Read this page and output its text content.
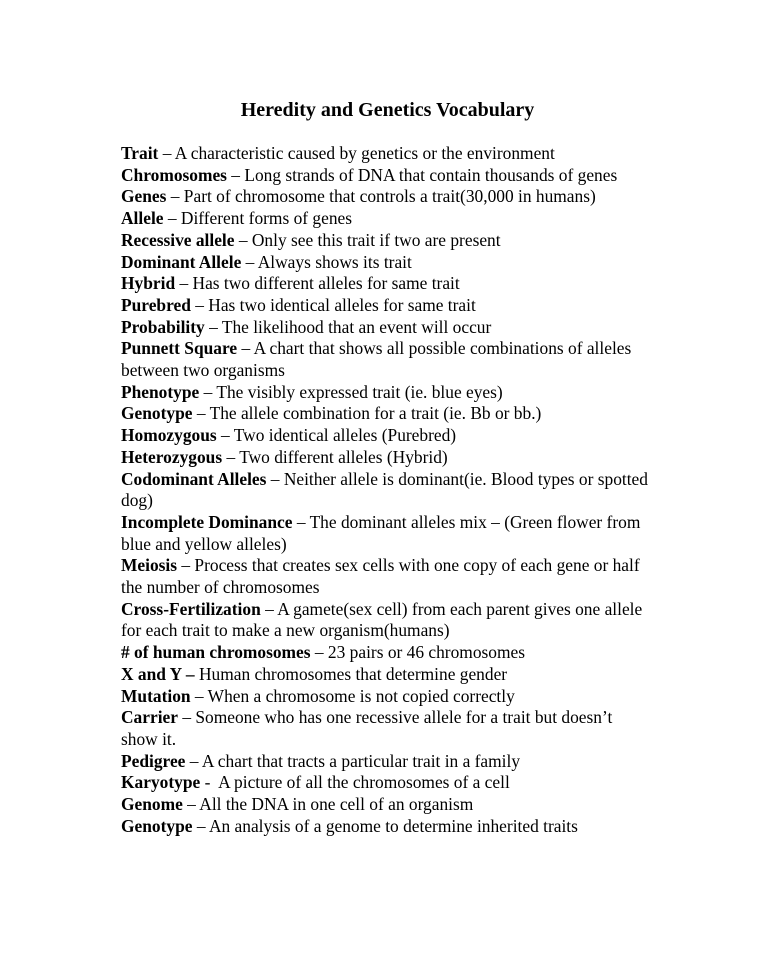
Heredity and Genetics Vocabulary
Trait – A characteristic caused by genetics or the environment
Chromosomes – Long strands of DNA that contain thousands of genes
Genes – Part of chromosome that controls a trait(30,000 in humans)
Allele – Different forms of genes
Recessive allele – Only see this trait if two are present
Dominant Allele – Always shows its trait
Hybrid – Has two different alleles for same trait
Purebred – Has two identical alleles for same trait
Probability – The likelihood that an event will occur
Punnett Square – A chart that shows all possible combinations of alleles between two organisms
Phenotype – The visibly expressed trait (ie. blue eyes)
Genotype – The allele combination for a trait (ie. Bb or bb.)
Homozygous – Two identical alleles (Purebred)
Heterozygous – Two different alleles (Hybrid)
Codominant Alleles – Neither allele is dominant(ie. Blood types or spotted dog)
Incomplete Dominance – The dominant alleles mix – (Green flower from blue and yellow alleles)
Meiosis – Process that creates sex cells with one copy of each gene or half the number of chromosomes
Cross-Fertilization – A gamete(sex cell) from each parent gives one allele for each trait to make a new organism(humans)
# of human chromosomes – 23 pairs or 46 chromosomes
X and Y – Human chromosomes that determine gender
Mutation – When a chromosome is not copied correctly
Carrier – Someone who has one recessive allele for a trait but doesn’t show it.
Pedigree – A chart that tracts a particular trait in a family
Karyotype -  A picture of all the chromosomes of a cell
Genome – All the DNA in one cell of an organism
Genotype – An analysis of a genome to determine inherited traits
